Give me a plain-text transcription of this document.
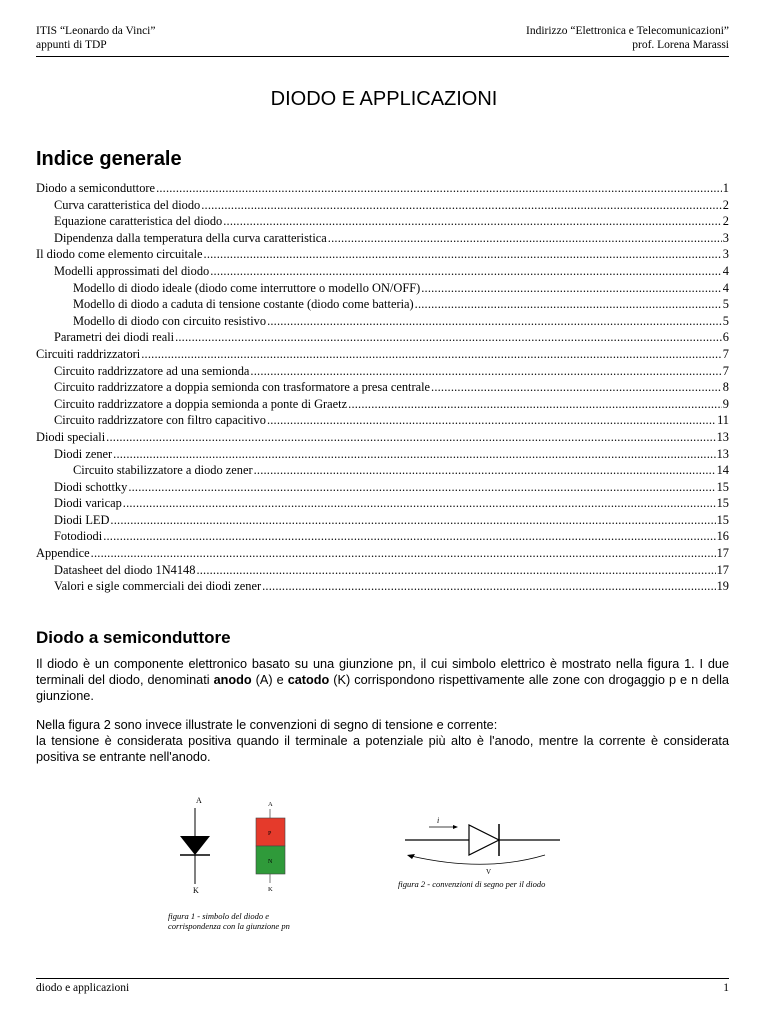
ITIS “Leonardo da Vinci”
appunti di TDP
Indirizzo “Elettronica e Telecomunicazioni”
prof. Lorena Marassi
DIODO E APPLICAZIONI
Indice generale
Diodo a semiconduttore .....	1
Curva caratteristica del diodo .....	2
Equazione caratteristica del diodo .....	2
Dipendenza dalla temperatura della curva caratteristica .....	3
Il diodo come elemento circuitale .....	3
Modelli approssimati del diodo .....	4
Modello di diodo ideale (diodo come interruttore o modello ON/OFF) .....	4
Modello di diodo a caduta di tensione costante (diodo come batteria) .....	5
Modello di diodo con circuito resistivo .....	5
Parametri dei diodi reali .....	6
Circuiti raddrizzatori .....	7
Circuito raddrizzatore ad una semionda .....	7
Circuito raddrizzatore a doppia semionda con trasformatore a presa centrale .....	8
Circuito raddrizzatore a doppia semionda a ponte di Graetz .....	9
Circuito raddrizzatore con filtro capacitivo .....	11
Diodi speciali .....	13
Diodi zener .....	13
Circuito stabilizzatore a diodo zener .....	14
Diodi schottky .....	15
Diodi varicap .....	15
Diodi LED .....	15
Fotodiodi .....	16
Appendice .....	17
Datasheet del diodo 1N4148 .....	17
Valori e sigle commerciali dei diodi zener .....	19
Diodo a semiconduttore
Il diodo è un componente elettronico basato su una giunzione pn, il cui simbolo elettrico è mostrato nella figura 1. I due terminali del diodo, denominati anodo (A) e catodo (K) corrispondono rispettivamente alle zone con drogaggio p e n della giunzione.
Nella figura 2 sono invece illustrate le convenzioni di segno di tensione e corrente:
la tensione è considerata positiva quando il terminale a potenziale più alto è l'anodo, mentre la corrente è considerata positiva se entrante nell'anodo.
A
K
A
P
N
K
figura 1 - simbolo del diodo e corrispondenza con la giunzione pn
i
V
figura 2 - convenzioni di segno per il diodo
diodo e applicazioni	1
